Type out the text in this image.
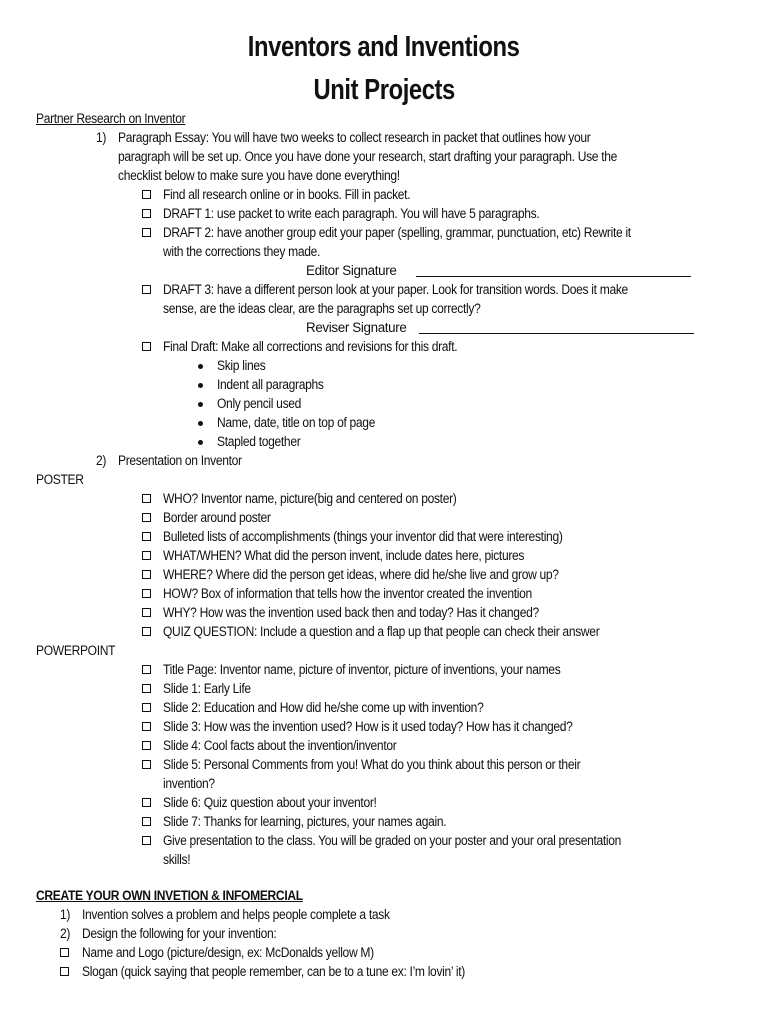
Inventors and Inventions
Unit Projects
Partner Research on Inventor
1) Paragraph Essay: You will have two weeks to collect research in packet that outlines how your
paragraph will be set up. Once you have done your research, start drafting your paragraph. Use the
checklist below to make sure you have done everything!
Find all research online or in books. Fill in packet.
DRAFT 1: use packet to write each paragraph. You will have 5 paragraphs.
DRAFT 2: have another group edit your paper (spelling, grammar, punctuation, etc) Rewrite it
with the corrections they made.
Editor Signature
DRAFT 3: have a different person look at your paper. Look for transition words. Does it make
sense, are the ideas clear, are the paragraphs set up correctly?
Reviser Signature
Final Draft: Make all corrections and revisions for this draft.
Skip lines
Indent all paragraphs
Only pencil used
Name, date, title on top of page
Stapled together
2) Presentation on Inventor
POSTER
WHO? Inventor name, picture(big and centered on poster)
Border around poster
Bulleted lists of accomplishments (things your inventor did that were interesting)
WHAT/WHEN? What did the person invent, include dates here, pictures
WHERE? Where did the person get ideas, where did he/she live and grow up?
HOW? Box of information that tells how the inventor created the invention
WHY? How was the invention used back then and today? Has it changed?
QUIZ QUESTION: Include a question and a flap up that people can check their answer
POWERPOINT
Title Page: Inventor name, picture of inventor, picture of inventions, your names
Slide 1: Early Life
Slide 2: Education and How did he/she come up with invention?
Slide 3: How was the invention used? How is it used today? How has it changed?
Slide 4: Cool facts about the invention/inventor
Slide 5: Personal Comments from you! What do you think about this person or their
invention?
Slide 6: Quiz question about your inventor!
Slide 7: Thanks for learning, pictures, your names again.
Give presentation to the class. You will be graded on your poster and your oral presentation
skills!
CREATE YOUR OWN INVETION & INFOMERCIAL
1) Invention solves a problem and helps people complete a task
2) Design the following for your invention:
Name and Logo (picture/design, ex: McDonalds yellow M)
Slogan (quick saying that people remember, can be to a tune ex: I’m lovin’ it)
